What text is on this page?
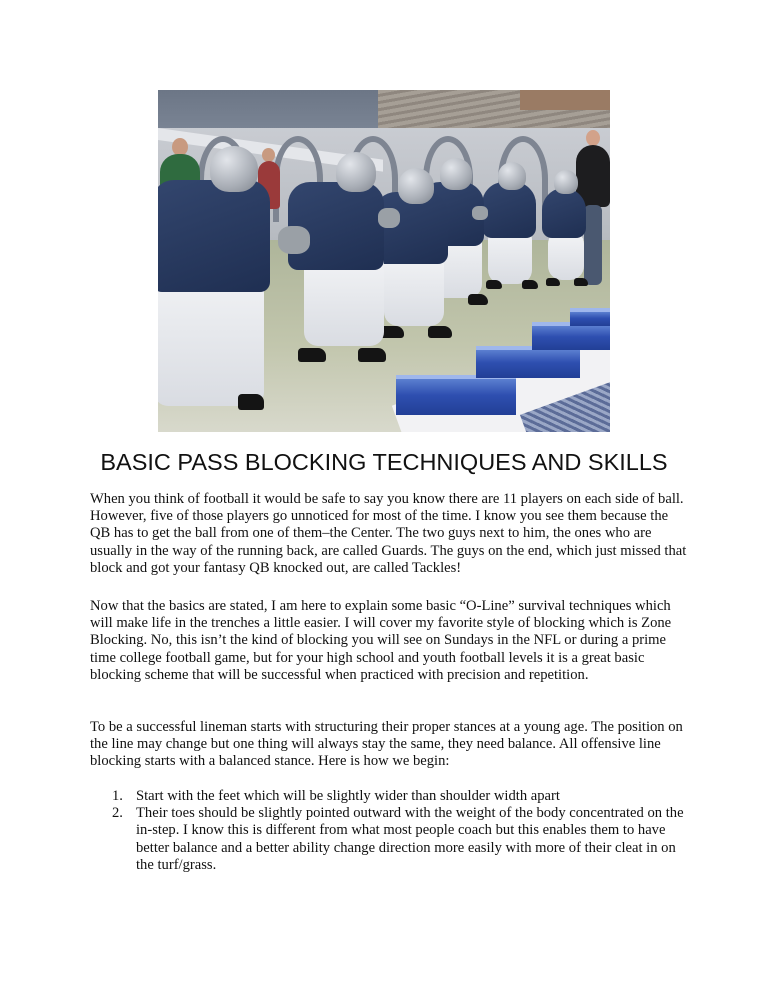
BASIC PASS BLOCKING TECHNIQUES AND SKILLS

When you think of football it would be safe to say you know there are 11 players on each side of ball. However, five of those players go unnoticed for most of the time. I know you see them because the QB has to get the ball from one of them–the Center. The two guys next to him, the ones who are usually in the way of the running back, are called Guards. The guys on the end, which just missed that block and got your fantasy QB knocked out, are called Tackles!

Now that the basics are stated, I am here to explain some basic “O-Line” survival techniques which will make life in the trenches a little easier. I will cover my favorite style of blocking which is Zone Blocking. No, this isn’t the kind of blocking you will see on Sundays in the NFL or during a prime time college football game, but for your high school and youth football levels it is a great basic blocking scheme that will be successful when practiced with precision and repetition.

To be a successful lineman starts with structuring their proper stances at a young age. The position on the line may change but one thing will always stay the same, they need balance. All offensive line blocking starts with a balanced stance. Here is how we begin:

1. Start with the feet which will be slightly wider than shoulder width apart
2. Their toes should be slightly pointed outward with the weight of the body concentrated on the in-step. I know this is different from what most people coach but this enables them to have better balance and a better ability change direction more easily with more of their cleat in on the turf/grass.
